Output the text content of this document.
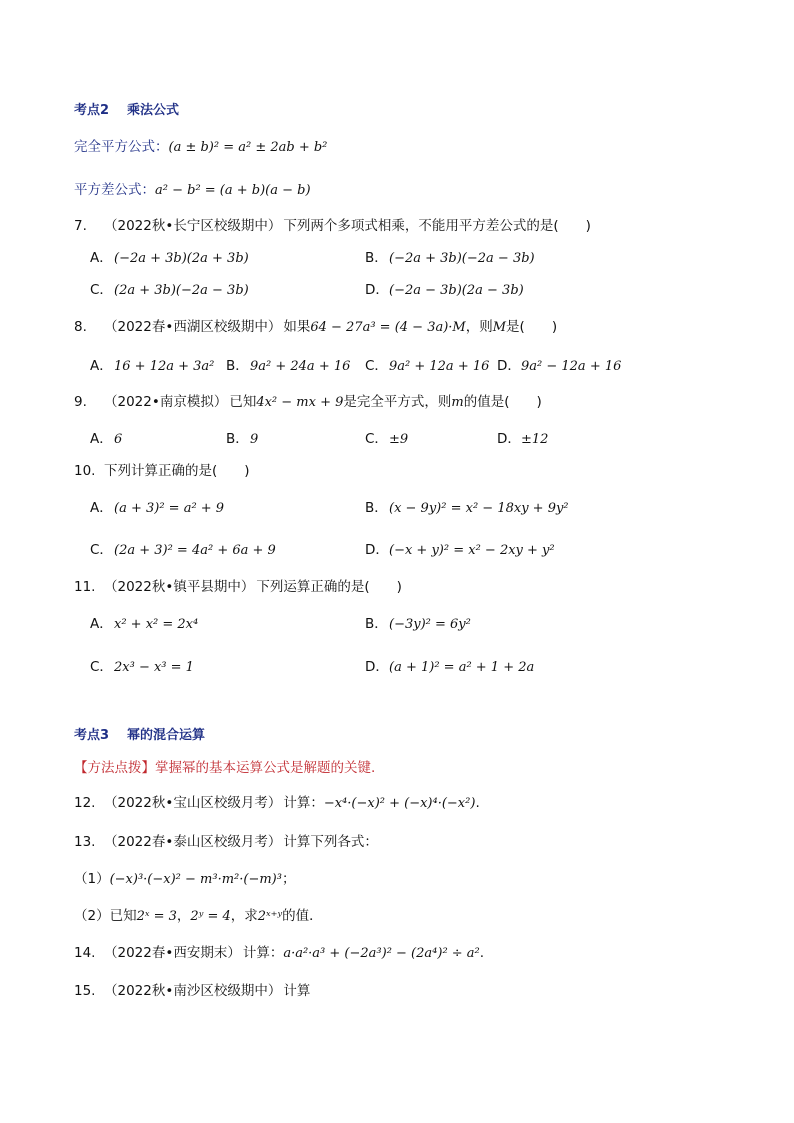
考点2 乘法公式
完全平方公式：(a ± b)² = a² ± 2ab + b²
平方差公式：a² − b² = (a + b)(a − b)
7. （2022秋•长宁区校级期中） 下列两个多项式相乘，不能用平方差公式的是(　　)
A．(−2a + 3b)(2a + 3b)	B．(−2a + 3b)(−2a − 3b)
C．(2a + 3b)(−2a − 3b)	D．(−2a − 3b)(2a − 3b)
8. （2022春•西湖区校级期中） 如果64 − 27a³ = (4 − 3a)·M，则M是(　　)
A．16 + 12a + 3a² B．9a² + 24a + 16 C．9a² + 12a + 16 D．9a² − 12a + 16
9. （2022•南京模拟） 已知4x² − mx + 9是完全平方式，则m的值是(　　)
A．6	B．9	C．±9	D．±12
10. 下列计算正确的是(　　)
A．(a + 3)² = a² + 9	B．(x − 9y)² = x² − 18xy + 9y²
C．(2a + 3)² = 4a² + 6a + 9	D．(−x + y)² = x² − 2xy + y²
11. （2022秋•镇平县期中） 下列运算正确的是(　　)
A．x² + x² = 2x⁴	B．(−3y)² = 6y²
C．2x³ − x³ = 1	D．(a + 1)² = a² + 1 + 2a
考点3 幂的混合运算
【方法点拨】掌握幂的基本运算公式是解题的关键.
12. （2022秋•宝山区校级月考） 计算：−x⁴·(−x)² + (−x)⁴·(−x²).
13. （2022春•泰山区校级月考） 计算下列各式：
（1）(−x)³·(−x)² − m³·m²·(−m)³；
（2）已知2ˣ = 3，2ʸ = 4，求2ˣ⁺ʸ的值．
14. （2022春•西安期末） 计算：a·a²·a³ + (−2a³)² − (2a⁴)² ÷ a².
15. （2022秋•南沙区校级期中） 计算
